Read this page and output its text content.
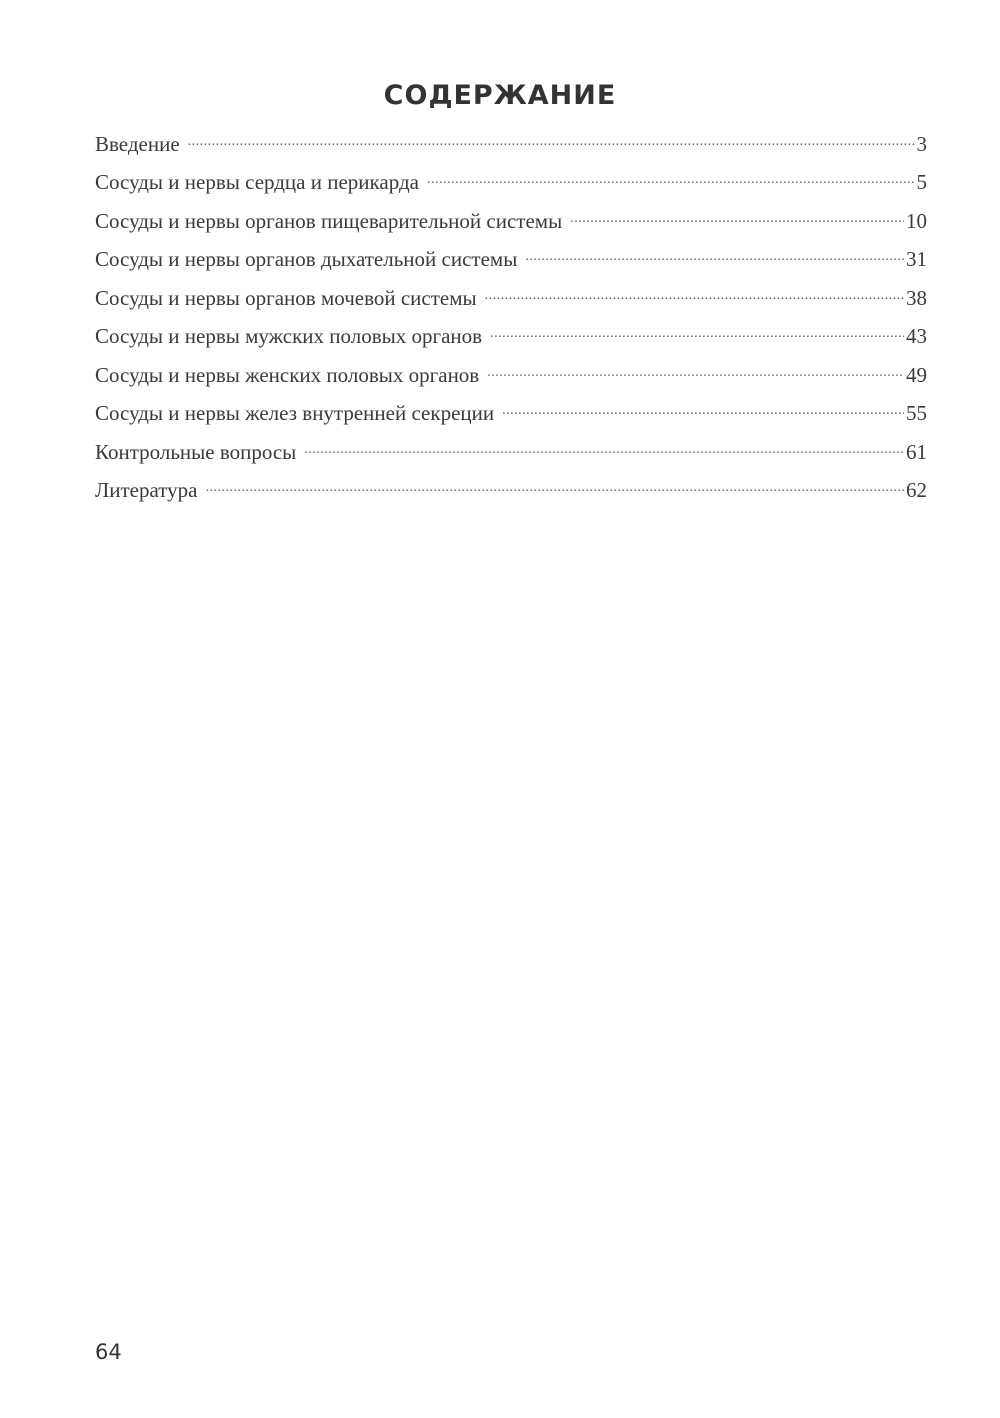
СОДЕРЖАНИЕ
Введение .....	3
Сосуды и нервы сердца и перикарда .....	5
Сосуды и нервы органов пищеварительной системы .....	10
Сосуды и нервы органов дыхательной системы .....	31
Сосуды и нервы органов мочевой системы .....	38
Сосуды и нервы мужских половых органов .....	43
Сосуды и нервы женских половых органов .....	49
Сосуды и нервы желез внутренней секреции .....	55
Контрольные вопросы .....	61
Литература .....	62
64
